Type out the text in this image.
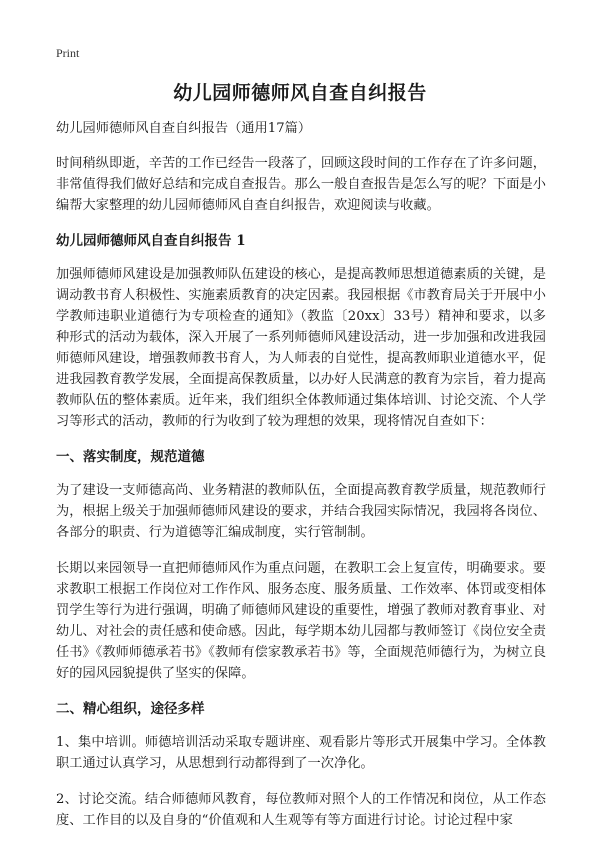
Print
幼儿园师德师风自查自纠报告

幼儿园师德师风自查自纠报告（通用17篇）

时间稍纵即逝，辛苦的工作已经告一段落了，回顾这段时间的工作存在了许多问题，非常值得我们做好总结和完成自查报告。那么一般自查报告是怎么写的呢？下面是小编帮大家整理的幼儿园师德师风自查自纠报告，欢迎阅读与收藏。

幼儿园师德师风自查自纠报告 1

加强师德师风建设是加强教师队伍建设的核心，是提高教师思想道德素质的关键，是调动教书育人积极性、实施素质教育的决定因素。我园根据《市教育局关于开展中小学教师违职业道德行为专项检查的通知》（教监〔20xx〕33号）精神和要求，以多种形式的活动为载体，深入开展了一系列师德师风建设活动，进一步加强和改进我园师德师风建设，增强教师教书育人，为人师表的自觉性，提高教师职业道德水平，促进我园教育教学发展，全面提高保教质量，以办好人民满意的教育为宗旨，着力提高教师队伍的整体素质。近年来，我们组织全体教师通过集体培训、讨论交流、个人学习等形式的活动，教师的行为收到了较为理想的效果，现将情况自查如下：

一、落实制度，规范道德

为了建设一支师德高尚、业务精湛的教师队伍，全面提高教育教学质量，规范教师行为，根据上级关于加强师德师风建设的要求，并结合我园实际情况，我园将各岗位、各部分的职责、行为道德等汇编成制度，实行管制制。

长期以来园领导一直把师德师风作为重点问题，在教职工会上复宣传，明确要求。要求教职工根据工作岗位对工作作风、服务态度、服务质量、工作效率、体罚或变相体罚学生等行为进行强调，明确了师德师风建设的重要性，增强了教师对教育事业、对幼儿、对社会的责任感和使命感。因此，每学期本幼儿园都与教师签订《岗位安全责任书》《教师师德承若书》《教师有偿家教承若书》等，全面规范师德行为，为树立良好的园风园貌提供了坚实的保障。

二、精心组织，途径多样

1、集中培训。师德培训活动采取专题讲座、观看影片等形式开展集中学习。全体教职工通过认真学习，从思想到行动都得到了一次净化。

2、讨论交流。结合师德师风教育，每位教师对照个人的工作情况和岗位，从工作态度、工作目的以及自身的“价值观和人生观等有等方面进行讨论。讨论过程中家
